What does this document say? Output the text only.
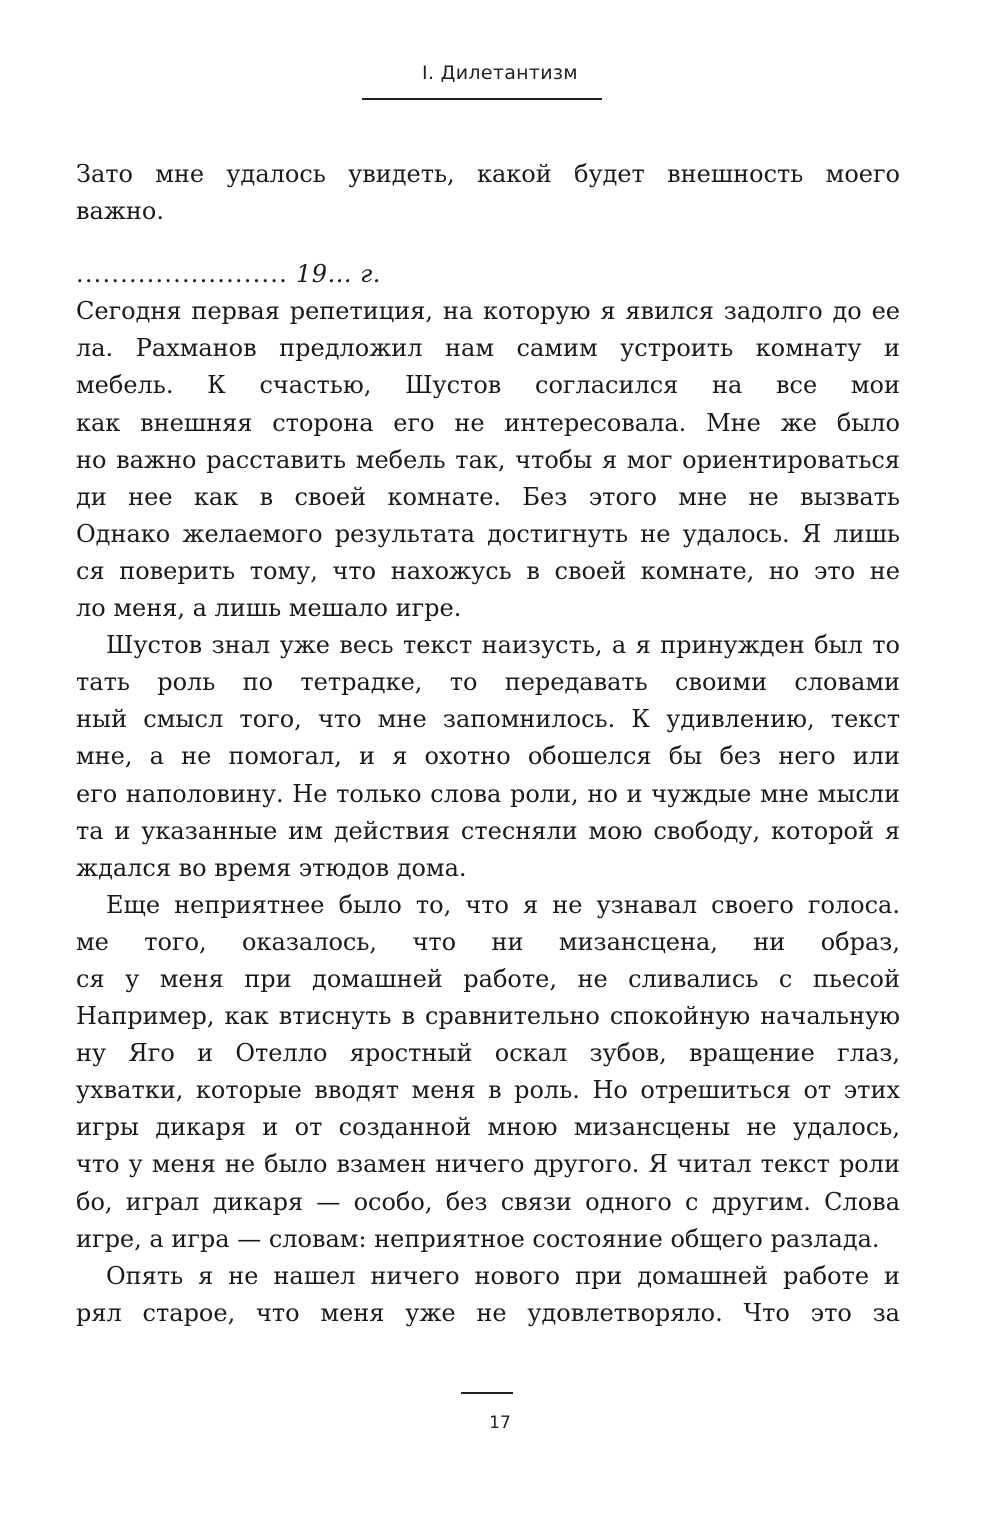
I. Дилетантизм
Зато мне удалось увидеть, какой будет внешность моего
важно.
........................ 19... г.
Сегодня первая репетиция, на которую я явился задолго до ее
ла. Рахманов предложил нам самим устроить комнату и
мебель. К счастью, Шустов согласился на все мои
как внешняя сторона его не интересовала. Мне же было
но важно расставить мебель так, чтобы я мог ориентироваться
ди нее как в своей комнате. Без этого мне не вызвать
Однако желаемого результата достигнуть не удалось. Я лишь
ся поверить тому, что нахожусь в своей комнате, но это не
ло меня, а лишь мешало игре.
Шустов знал уже весь текст наизусть, а я принужден был то
тать роль по тетрадке, то передавать своими словами
ный смысл того, что мне запомнилось. К удивлению, текст
мне, а не помогал, и я охотно обошелся бы без него или
его наполовину. Не только слова роли, но и чуждые мне мысли
та и указанные им действия стесняли мою свободу, которой я
ждался во время этюдов дома.
Еще неприятнее было то, что я не узнавал своего голоса.
ме того, оказалось, что ни мизансцена, ни образ,
ся у меня при домашней работе, не сливались с пьесой
Например, как втиснуть в сравнительно спокойную начальную
ну Яго и Отелло яростный оскал зубов, вращение глаз,
ухватки, которые вводят меня в роль. Но отрешиться от этих
игры дикаря и от созданной мною мизансцены не удалось,
что у меня не было взамен ничего другого. Я читал текст роли
бо, играл дикаря — особо, без связи одного с другим. Слова
игре, а игра — словам: неприятное состояние общего разлада.
Опять я не нашел ничего нового при домашней работе и
рял старое, что меня уже не удовлетворяло. Что это за
17
